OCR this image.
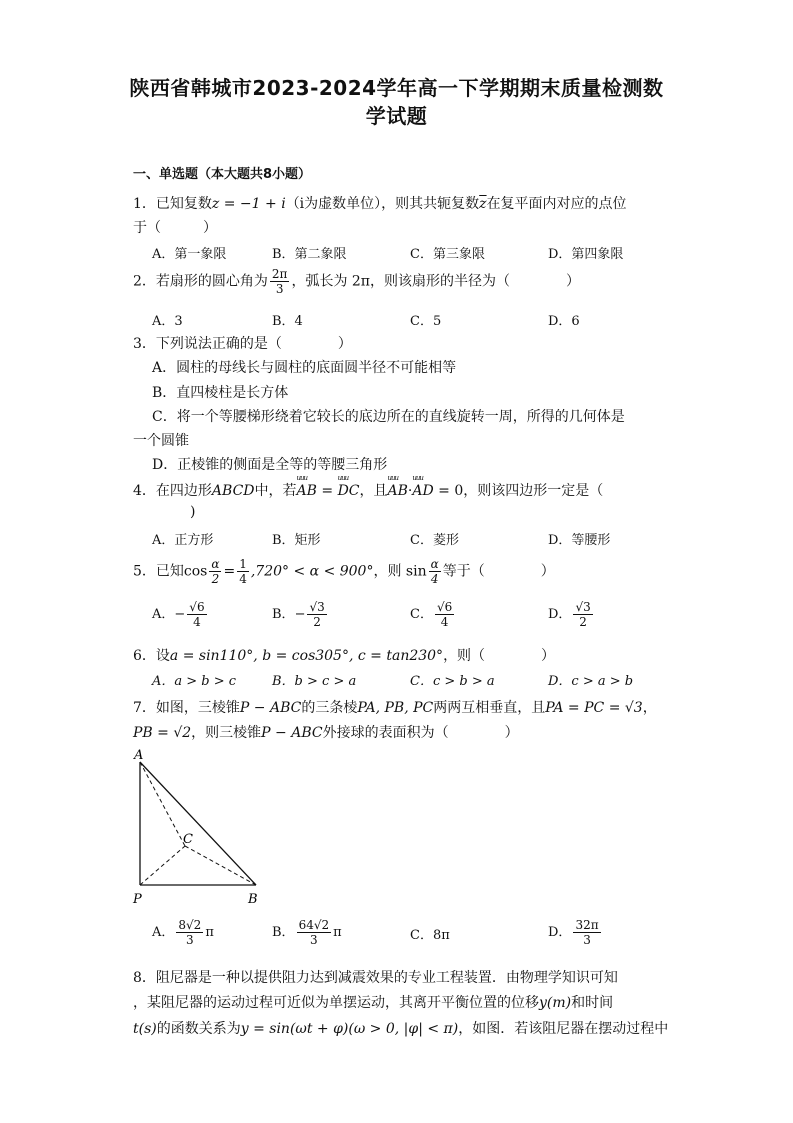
陕西省韩城市2023-2024学年高一下学期期末质量检测数
学试题
一、单选题（本大题共8小题）
1．已知复数z = −1 + i（i为虚数单位），则其共轭复数$\overline{z}$在复平面内对应的点位
于（　　　）
A．第一象限	B．第二象限	C．第三象限	D．第四象限
2．若扇形的圆心角为 $\frac{2\pi}{3}$ ，弧长为 2π，则该扇形的半径为（　　　　）
A．3	B．4	C．5	D．6
3．下列说法正确的是（　　　　）
A．圆柱的母线长与圆柱的底面圆半径不可能相等
B．直四棱柱是长方体
C．将一个等腰梯形绕着它较长的底边所在的直线旋转一周，所得的几何体是
一个圆锥
D．正棱锥的侧面是全等的等腰三角形
4．在四边形ABCD中，若uuu AB = uuu DC，且uuu AB·uuu AD = 0，则该四边形一定是（
)
A．正方形	B．矩形	C．菱形	D．等腰形
5．已知$\cos \frac{\alpha}{2} = \frac{1}{4} ,720^\circ < \alpha < 900^\circ$，则 $\sin \frac{\alpha}{4}$ 等于（　　　　）
A．− $\frac{√6}{4}$	B．− $\frac{√3}{2}$	C． $\frac{√6}{4}$	D． $\frac{√3}{2}$
6．设a = sin110°, b = cos305°, c = tan230°，则（　　　　）
A．a > b > c	B．b > c > a	C．c > b > a	D．c > a > b
7．如图，三棱锥P − ABC的三条棱PA, PB, PC两两互相垂直，且PA = PC = √3，
PB = √2，则三棱锥P − ABC外接球的表面积为（　　　　）
A
C
P	B
A． $\frac{8√2}{3}$ π	B． $\frac{64√2}{3}$ π	C．8π	D． $\frac{32\pi}{3}$
8．阻尼器是一种以提供阻力达到减震效果的专业工程装置．由物理学知识可知
，某阻尼器的运动过程可近似为单摆运动，其离开平衡位置的位移y(m)和时间
t(s)的函数关系为y = sin(ωt + φ)(ω > 0, |φ| < π)，如图．若该阻尼器在摆动过程中
